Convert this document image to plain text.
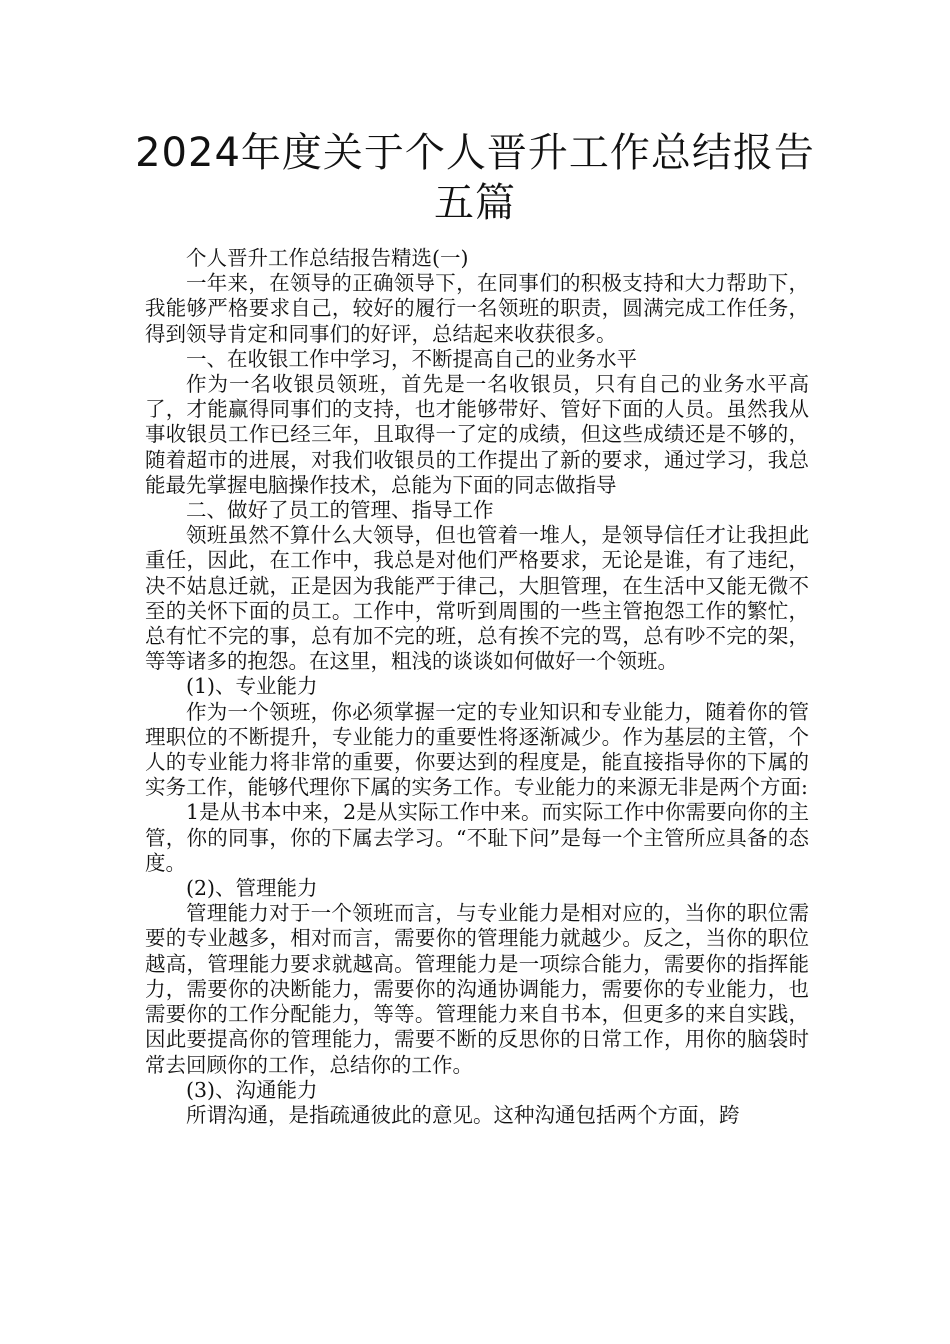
2024年度关于个人晋升工作总结报告五篇

个人晋升工作总结报告精选(一)

一年来，在领导的正确领导下，在同事们的积极支持和大力帮助下，我能够严格要求自己，较好的履行一名领班的职责，圆满完成工作任务，得到领导肯定和同事们的好评，总结起来收获很多。

一、在收银工作中学习，不断提高自己的业务水平

作为一名收银员领班，首先是一名收银员，只有自己的业务水平高了，才能赢得同事们的支持，也才能够带好、管好下面的人员。虽然我从事收银员工作已经三年，且取得一了定的成绩，但这些成绩还是不够的，随着超市的进展，对我们收银员的工作提出了新的要求，通过学习，我总能最先掌握电脑操作技术，总能为下面的同志做指导

二、做好了员工的管理、指导工作

领班虽然不算什么大领导，但也管着一堆人，是领导信任才让我担此重任，因此，在工作中，我总是对他们严格要求，无论是谁，有了违纪，决不姑息迁就，正是因为我能严于律己，大胆管理，在生活中又能无微不至的关怀下面的员工。工作中，常听到周围的一些主管抱怨工作的繁忙，总有忙不完的事，总有加不完的班，总有挨不完的骂，总有吵不完的架，等等诸多的抱怨。在这里，粗浅的谈谈如何做好一个领班。

(1)、专业能力

作为一个领班，你必须掌握一定的专业知识和专业能力，随着你的管理职位的不断提升，专业能力的重要性将逐渐减少。作为基层的主管，个人的专业能力将非常的重要，你要达到的程度是，能直接指导你的下属的实务工作，能够代理你下属的实务工作。专业能力的来源无非是两个方面:

1是从书本中来，2是从实际工作中来。而实际工作中你需要向你的主管，你的同事，你的下属去学习。“不耻下问”是每一个主管所应具备的态度。

(2)、管理能力

管理能力对于一个领班而言，与专业能力是相对应的，当你的职位需要的专业越多，相对而言，需要你的管理能力就越少。反之，当你的职位越高，管理能力要求就越高。管理能力是一项综合能力，需要你的指挥能力，需要你的决断能力，需要你的沟通协调能力，需要你的专业能力，也需要你的工作分配能力，等等。管理能力来自书本，但更多的来自实践，因此要提高你的管理能力，需要不断的反思你的日常工作，用你的脑袋时常去回顾你的工作，总结你的工作。

(3)、沟通能力

所谓沟通，是指疏通彼此的意见。这种沟通包括两个方面，跨
